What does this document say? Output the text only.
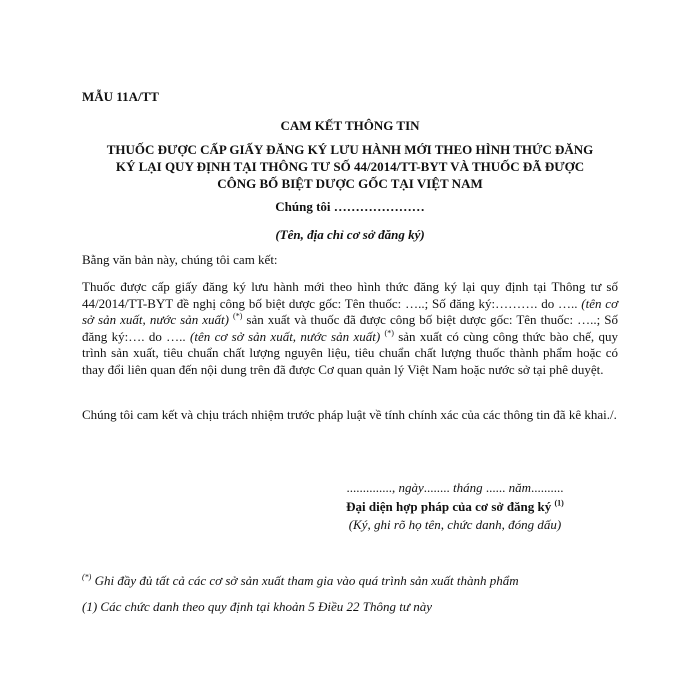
MẪU 11A/TT
CAM KẾT THÔNG TIN
THUỐC ĐƯỢC CẤP GIẤY ĐĂNG KÝ LƯU HÀNH MỚI THEO HÌNH THỨC ĐĂNG
KÝ LẠI QUY ĐỊNH TẠI THÔNG TƯ SỐ 44/2014/TT-BYT VÀ THUỐC ĐÃ ĐƯỢC
CÔNG BỐ BIỆT DƯỢC GỐC TẠI VIỆT NAM
Chúng tôi …………………
(Tên, địa chỉ cơ sở đăng ký)
Bằng văn bản này, chúng tôi cam kết:
Thuốc được cấp giấy đăng ký lưu hành mới theo hình thức đăng ký lại quy định tại Thông tư số 44/2014/TT-BYT đề nghị công bố biệt dược gốc: Tên thuốc: …..; Số đăng ký:………. do ….. (tên cơ sở sản xuất, nước sản xuất) (*) sản xuất và thuốc đã được công bố biệt dược gốc: Tên thuốc: …..; Số đăng ký:…. do ….. (tên cơ sở sản xuất, nước sản xuất) (*) sản xuất có cùng công thức bào chế, quy trình sản xuất, tiêu chuẩn chất lượng nguyên liệu, tiêu chuẩn chất lượng thuốc thành phẩm hoặc có thay đổi liên quan đến nội dung trên đã được Cơ quan quản lý Việt Nam hoặc nước sở tại phê duyệt.
Chúng tôi cam kết và chịu trách nhiệm trước pháp luật về tính chính xác của các thông tin đã kê khai./.
.............., ngày........ tháng ...... năm..........
Đại diện hợp pháp của cơ sở đăng ký $^{(1)}$
(Ký, ghi rõ họ tên, chức danh, đóng dấu)
(*) Ghi đầy đủ tất cả các cơ sở sản xuất tham gia vào quá trình sản xuất thành phẩm
(1) Các chức danh theo quy định tại khoản 5 Điều 22 Thông tư này
